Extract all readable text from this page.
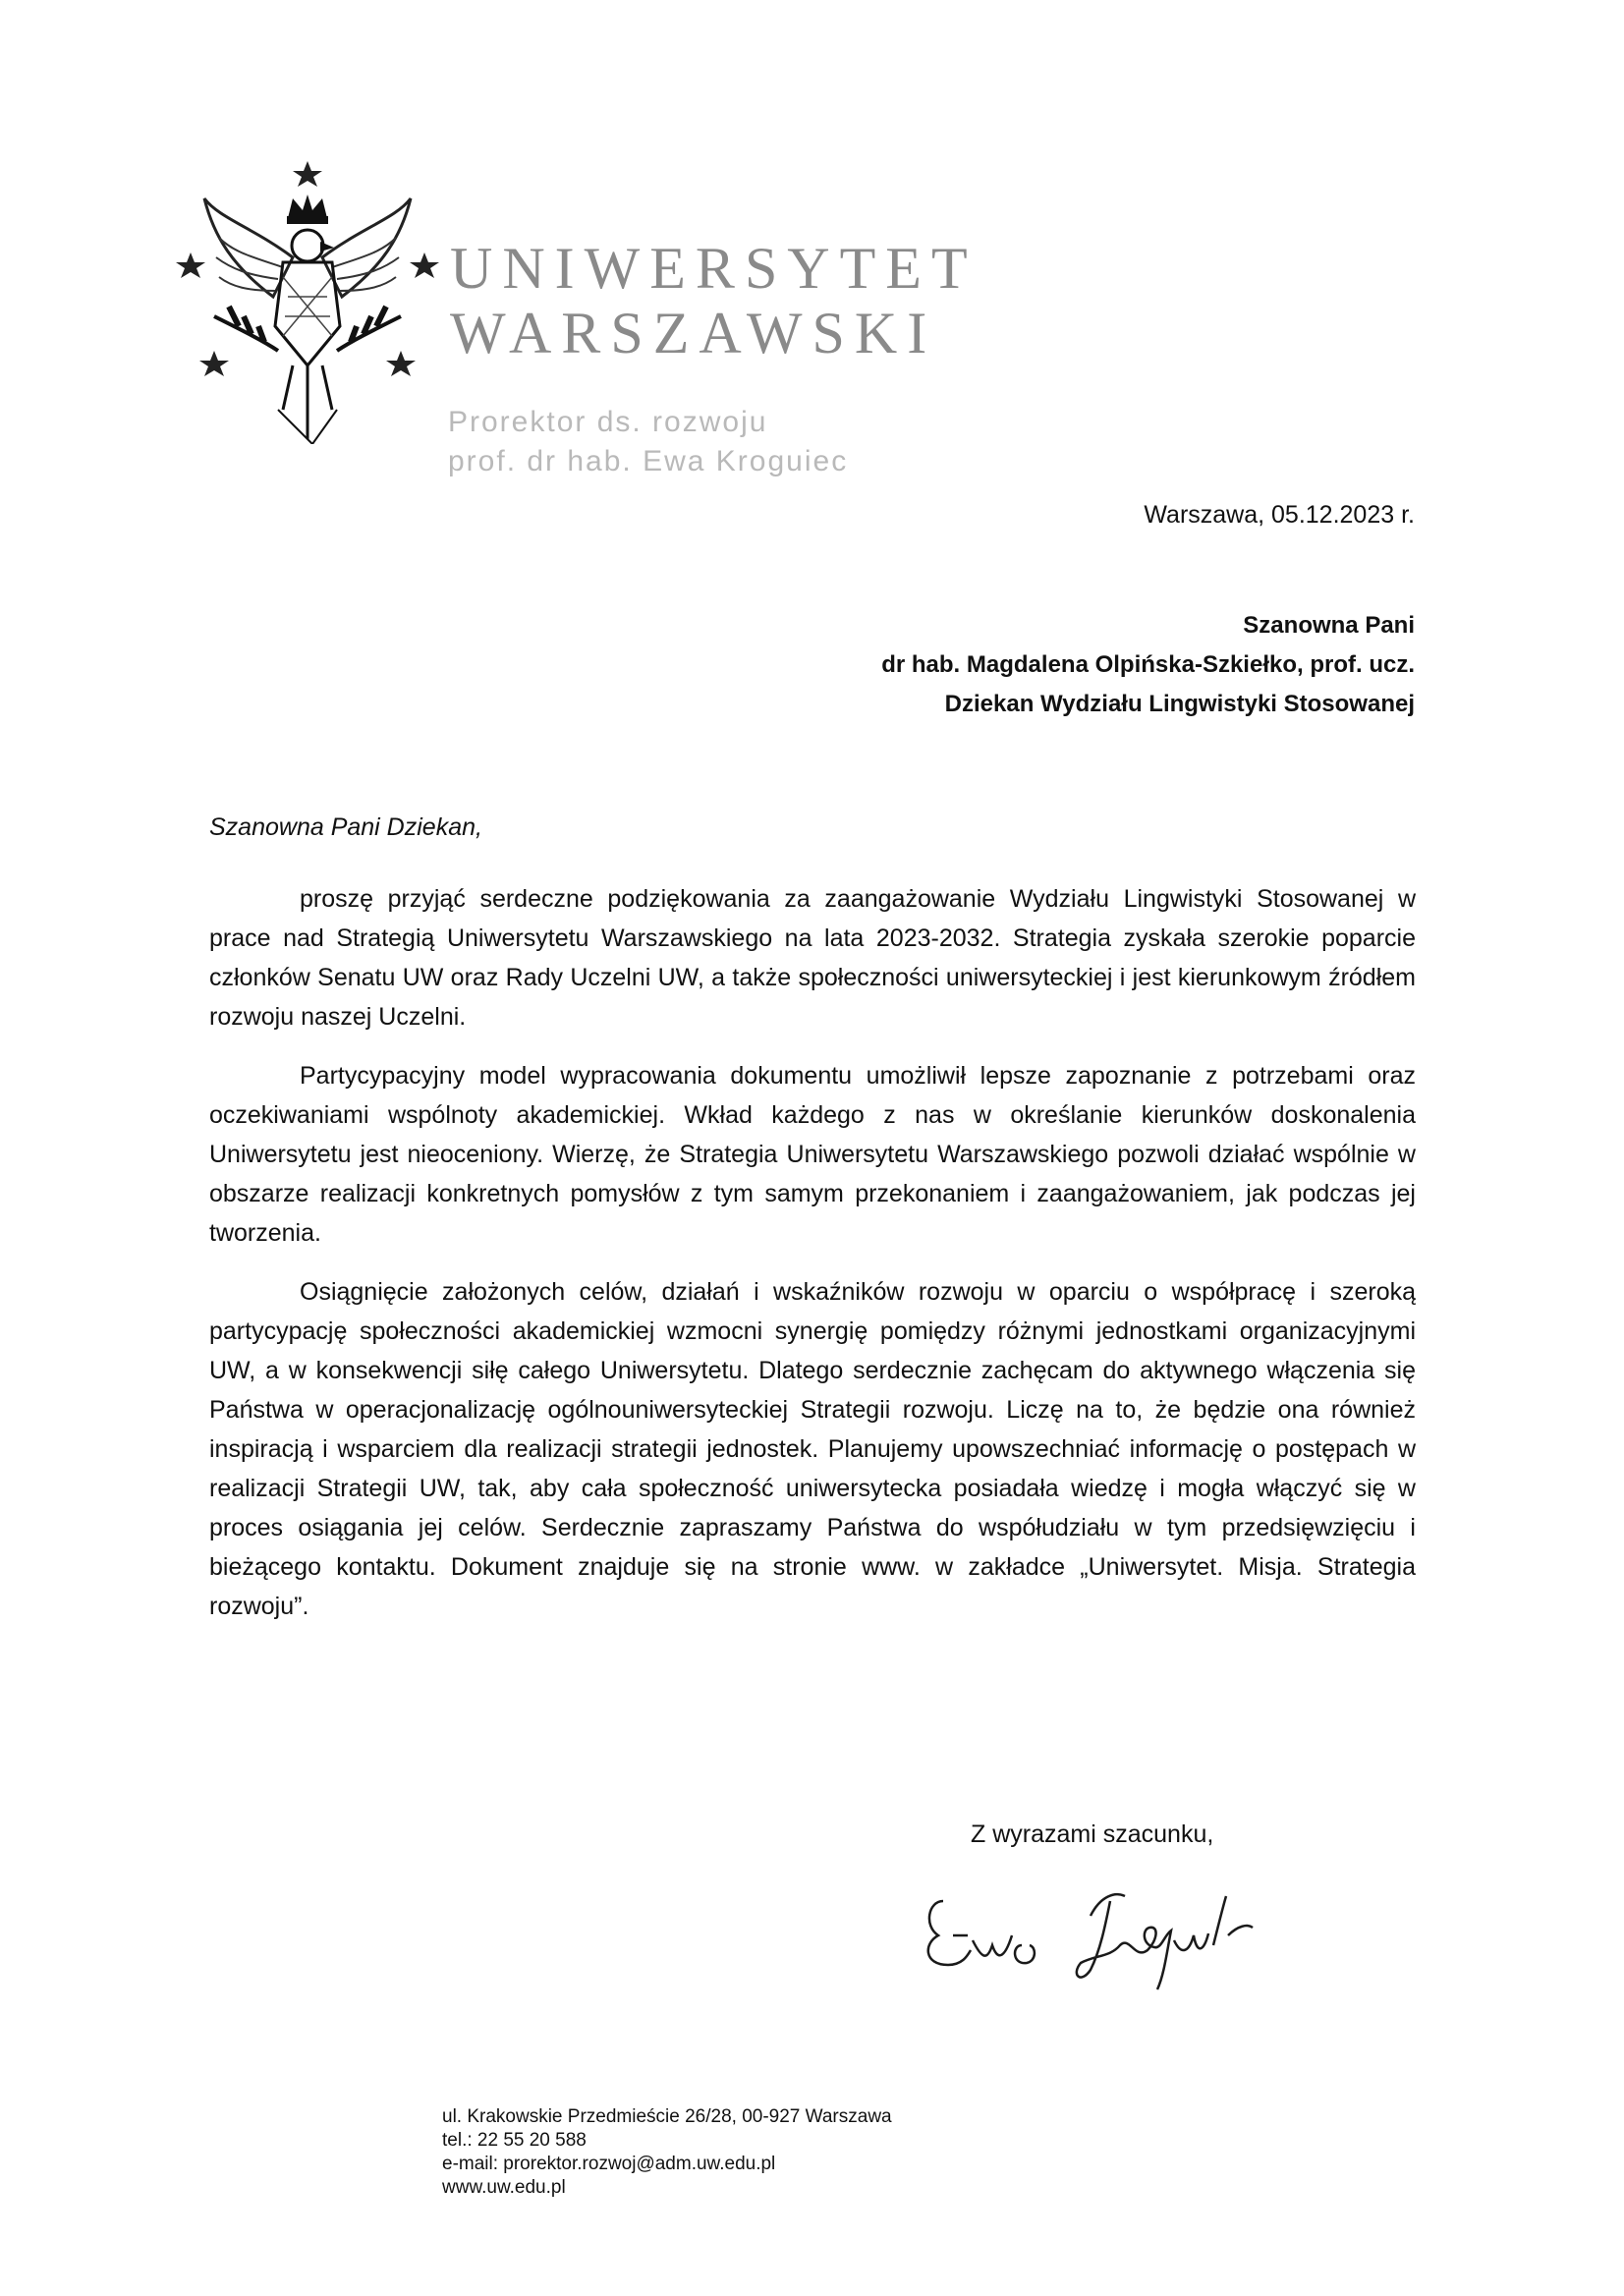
UNIWERSYTET
WARSZAWSKI
Prorektor ds. rozwoju
prof. dr hab. Ewa Kroguiec
Warszawa, 05.12.2023 r.
Szanowna Pani
dr hab. Magdalena Olpińska-Szkiełko, prof. ucz.
Dziekan Wydziału Lingwistyki Stosowanej
Szanowna Pani Dziekan,

proszę przyjąć serdeczne podziękowania za zaangażowanie Wydziału Lingwistyki Stosowanej w prace nad Strategią Uniwersytetu Warszawskiego na lata 2023-2032. Strategia zyskała szerokie poparcie członków Senatu UW oraz Rady Uczelni UW, a także społeczności uniwersyteckiej i jest kierunkowym źródłem rozwoju naszej Uczelni.

Partycypacyjny model wypracowania dokumentu umożliwił lepsze zapoznanie z potrzebami oraz oczekiwaniami wspólnoty akademickiej. Wkład każdego z nas w określanie kierunków doskonalenia Uniwersytetu jest nieoceniony. Wierzę, że Strategia Uniwersytetu Warszawskiego pozwoli działać wspólnie w obszarze realizacji konkretnych pomysłów z tym samym przekonaniem i zaangażowaniem, jak podczas jej tworzenia.

Osiągnięcie założonych celów, działań i wskaźników rozwoju w oparciu o współpracę i szeroką partycypację społeczności akademickiej wzmocni synergię pomiędzy różnymi jednostkami organizacyjnymi UW, a w konsekwencji siłę całego Uniwersytetu. Dlatego serdecznie zachęcam do aktywnego włączenia się Państwa w operacjonalizację ogólnouniwersyteckiej Strategii rozwoju. Liczę na to, że będzie ona również inspiracją i wsparciem dla realizacji strategii jednostek. Planujemy upowszechniać informację o postępach w realizacji Strategii UW, tak, aby cała społeczność uniwersytecka posiadała wiedzę i mogła włączyć się w proces osiągania jej celów. Serdecznie zapraszamy Państwa do współudziału w tym przedsięwzięciu i bieżącego kontaktu. Dokument znajduje się na stronie www. w zakładce „Uniwersytet. Misja. Strategia rozwoju”.

Z wyrazami szacunku,
ul. Krakowskie Przedmieście 26/28, 00-927 Warszawa
tel.: 22 55 20 588
e-mail: prorektor.rozwoj@adm.uw.edu.pl
www.uw.edu.pl
